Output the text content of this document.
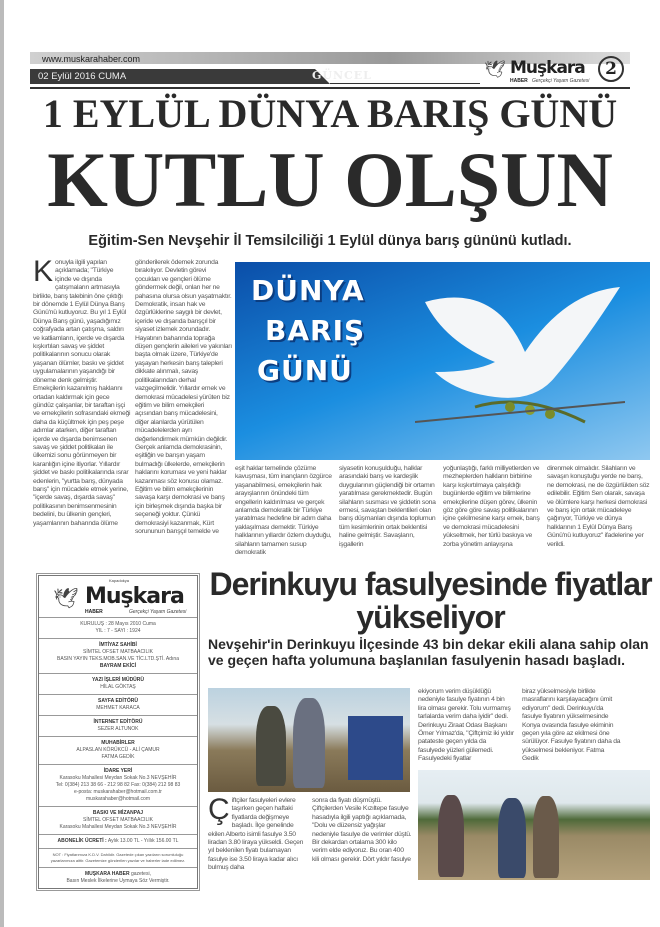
www.muskarahaber.com
02 Eylül 2016 CUMA	GÜNCEL	🕊 Muşkara
HABER Gerçekçi Yaşam Gazetesi
2
1 EYLÜL DÜNYA BARIŞ GÜNÜ
KUTLU OLŞUN
Eğitim-Sen Nevşehir İl Temsilciliği 1 Eylül dünya barış gününü kutladı.
Konuyla ilgili yapılan açıklamada; "Türkiye içinde ve dışında çatışmaların artmasıyla birlikte, barış talebinin öne çıktığı bir dönemde 1 Eylül Dünya Barış Günü'nü kutluyoruz. Bu yıl 1 Eylül Dünya Barış günü, yaşadığımız coğrafyada artan çatışma, saldırı ve katliamların, içerde ve dışarda kışkırtılan savaş ve şiddet politikalarının sonucu olarak yaşanan ölümler, baskı ve şiddet uygulamalarının yaşandığı bir döneme denk gelmiştir. Emekçilerin kazanılmış haklarını ortadan kaldırmak için gece gündüz çalışanlar, bir taraftan işçi ve emekçilerin sofrasındaki ekmeği daha da küçültmek için peş peşe adımlar atarken, diğer taraftan içerde ve dışarda benimsenen savaş ve şiddet politikaları ile ülkemizi sonu görünmeyen bir karanlığın içine itiyorlar. Yıllardır şiddet ve baskı politikalarında ısrar edenlerin, "yurtta barış, dünyada barış" için mücadele etmek yerine, "içerde savaş, dışarda savaş" politikasının benimsenmesinin bedelini, bu ülkenin gençleri, yaşamlarının baharında ölüme
gönderilerek ödemek zorunda bırakılıyor. Devletin görevi çocukları ve gençleri ölüme göndermek değil, onları her ne pahasına olursa olsun yaşatmaktır. Demokratik, insan hak ve özgürlüklerine saygılı bir devlet, içeride ve dışarıda barışçıl bir siyaset izlemek zorundadır. Hayatının baharında toprağa düşen gençlerin aileleri ve yakınları başta olmak üzere, Türkiye'de yaşayan herkesin barış talepleri dikkate alınmalı, savaş politikalarından derhal vazgeçilmelidir. Yıllardır emek ve demokrasi mücadelesi yürüten biz eğitim ve bilim emekçileri açısından barış mücadelesini, diğer alanlarda yürütülen mücadelelerden ayrı değerlendirmek mümkün değildir. Gerçek anlamda demokrasinin, eşitliğin ve barışın yaşam bulmadığı ülkelerde, emekçilerin haklarını koruması ve yeni haklar kazanması söz konusu olamaz. Eğitim ve bilim emekçilerinin savaşa karşı demokrasi ve barış için birleşmek dışında başka bir seçeneği yoktur. Çünkü demokrasiyi kazanmak, Kürt sorununun barışçıl temelde ve
DÜNYA
BARIŞ
GÜNÜ
eşit haklar temelinde çözüme kavuşması, tüm inançların özgürce yaşanabilmesi, emekçilerin hak arayışlarının önündeki tüm engellerin kaldırılması ve gerçek anlamda demokratik bir Türkiye yaratılması hedefine bir adım daha yaklaşılması demektir. Türkiye halklarının yıllardır özlem duyduğu, silahların tamamen susup demokratik
siyasetin konuşulduğu, halklar arasındaki barış ve kardeşlik duygularının güçlendiği bir ortamın yaratılması gerekmektedir. Bugün silahların susması ve şiddetin sona ermesi, savaştan beklentileri olan barış düşmanları dışında toplumun tüm kesimlerinin ortak beklentisi haline gelmiştir. Savaşların, işgallerin
yoğunlaştığı, farklı milliyetlerden ve mezheplerden halkların birbirine karşı kışkırtılmaya çalışıldığı bugünlerde eğitim ve bilimlerine emekçilerine düşen görev, ülkenin göz göre göre savaş politikalarının içine çekilmesine karşı emek, barış ve demokrasi mücadelesini yükseltmek, her türlü baskıya ve zorba yönetim anlayışına
direnmek olmalıdır. Silahların ve savaşın konuştuğu yerde ne barış, ne demokrasi, ne de özgürlükten söz edilebilir. Eğitim Sen olarak, savaşa ve ölümlere karşı herkesi demokrasi ve barış için ortak mücadeleye çağırıyor, Türkiye ve dünya halklarının 1 Eylül Dünya Barış Günü'nü kutluyoruz" ifadelerine yer verildi.
🕊 Muşkara
Kapadokya
HABER	Gerçekçi Yaşam Gazetesi
KURULUŞ : 28 Mayıs 2010 Cuma
YIL : 7 - SAYI : 1924
İMTİYAZ SAHİBİ
SİMTEL OFSET MATBAACILIK
BASIN YAYIN TEKS.MOB.SAN.VE TİC.LTD.ŞTİ. Adına
BAYRAM EKİCİ
YAZI İŞLERİ MÜDÜRÜ
HİLAL GÖKTAŞ
SAYFA EDİTÖRÜ
MEHMET KARACA
İNTERNET EDİTÖRÜ
SEZER ALTUNOK
MUHABİRLER
ALPASLAN KÖRÜKCÜ - ALİ ÇAMUR
FATMA GEDİK
İDARE YERİ
Karasoku Mahallesi Meydan Sokak No.3 NEVŞEHİR
Tel: 0(384) 213 38 66 - 212 98 82 Fax: 0(384) 212 98 83
e-posta: muskarahaber@hotmail.com.tr
muskarahaber@hotmail.com
BASKI VE MİZANPAJ
SİMTEL OFSET MATBAACILIK
Karasoku Mahallesi Meydan Sokak No.3 NEVŞEHİR
ABONELİK ÜCRETİ : Aylık 13.00 TL - Yıllık 156.00 TL
NOT : Fiyatlarımıza K.D.V. Dahildir. Gazetede çıkan yazıların sorumluluğu yazarlarımıza aittir. Gazetemize gönderilen yazılar ve haberler iade edilmez.
MUŞKARA HABER gazetesi,
Basın Meslek İlkelerine Uymaya Söz Vermiştir.
Derinkuyu fasulyesinde fiyatlar yükseliyor
Nevşehir'in Derinkuyu İlçesinde 43 bin dekar ekili alana sahip olan ve geçen hafta yolumuna başlanılan fasulyenin hasadı başladı.
Çiftçiler fasulyeleri evlere taşırken geçen haftaki fiyatlarda değişmeye başladı. İlçe genelinde ekilen Alberto isimli fasulye 3.50 liradan 3.80 liraya yükseldi. Geçen yıl beklenilen fiyatı bulamayan fasulye ise 3.50 liraya kadar alıcı bulmuş daha
sonra da fiyatı düşmüştü. Çiftçilerden Vesile Kızıltepe fasulye hasadıyla ilgili yaptığı açıklamada, "Dolu ve düzensiz yağışlar nedeniyle fasulye de verimler düştü. Bir dekardan ortalama 300 kilo verim elde ediyoruz. Bu oran 400 kili olması gerekir. Dört yıldır fasulye
ekiyorum verim düşüklüğü nedeniyle fasulye fiyatının 4 bin lira olması gerekir. Tolu vurmamış tarlalarda verim daha iyidir" dedi. Derinkuyu Ziraat Odası Başkanı Ömer Yılmaz'da, "Çiftçimiz iki yıldır patateste geçen yılda da fasulyede yüzleri gülemedi. Fasulyedeki fiyatlar
biraz yükselmesiyle birlikte masraflarını karşılayacağını ümit ediyorum" dedi. Derinkuyu'da fasulye fiyatının yükselmesinde Konya ovasında fasulye ekiminin geçen yıla göre az ekilmesi öne sürülüyor. Fasulye fiyatının daha da yükselmesi bekleniyor. Fatma Gedik
